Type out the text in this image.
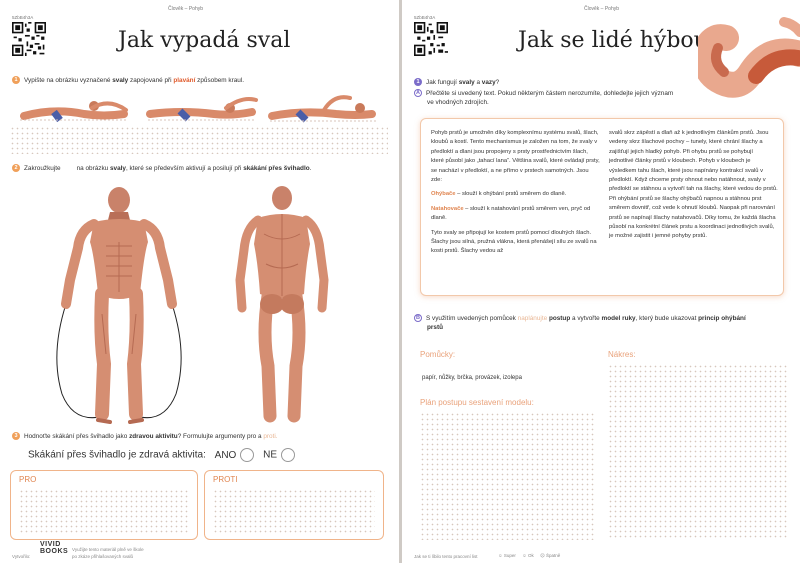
Člověk – Pohyb
5ZbB4h3A
Jak vypadá sval
1 Vypište na obrázku vyznačené svaly zapojované při plavání způsobem kraul.
2 Zakroužkujte         na obrázku svaly, které se především aktivují a posilují při skákání přes švihadlo.
3 Hodnoťte skákání přes švihadlo jako zdravou aktivitu? Formulujte argumenty pro a proti.
Skákání přes švihadlo je zdravá aktivita: ANO	NE
PRO	PROTI
Vytvořilo:
VIVID
BOOKS Využijte tento materiál plně ve škole
po zkáze přihlašovaných svalů
Člověk – Pohyb
5ZbB4h3A
Jak se lidé hýbou
1 Jak fungují svaly a vazy?
A Přečtěte si uvedený text. Pokud některým částem nerozumíte, dohledejte jejich význam
ve vhodných zdrojích.

Pohyb prstů je umožněn díky komplexnímu systému svalů, šlach, kloubů a kostí. Tento mechanismus je založen na tom, že svaly v předloktí a dlani jsou propojeny s prsty prostřednictvím šlach, které působí jako „tahací lana“. Většina svalů, které ovládají prsty, se nachází v předloktí, a ne přímo v prstech samotných. Jsou zde:

Ohýbače – slouží k ohýbání prstů směrem do dlaně.

Natahovače – slouží k natahování prstů směrem ven, pryč od dlaně.

Tyto svaly se připojují ke kostem prstů pomocí dlouhých šlach. Šlachy jsou silná, pružná vlákna, která přenášejí sílu ze svalů na kosti prstů. Šlachy vedou až

svalů skrz zápěstí a dlaň až k jednotlivým článkům prstů. Jsou vedeny skrz šlachové pochvy – tunely, které chrání šlachy a zajišťují jejich hladký pohyb. Při ohybu prstů se pohybují jednotlivé články prstů v kloubech. Pohyb v kloubech je výsledkem tahu šlach, které jsou napínány kontrakcí svalů v předloktí. Když chceme prsty ohnout nebo natáhnout, svaly v předloktí se stáhnou a vytvoří tah na šlachy, které vedou do prstů. Při ohýbání prstů se šlachy ohýbačů napnou a stáhnou prst směrem dovnitř, což vede k ohnutí kloubů. Naopak při narovnání prstů se napínají šlachy natahovačů. Díky tomu, že každá šlacha působí na konkrétní článek prstu a koordinaci jednotlivých svalů, je možné zajistit i jemné pohyby prstů.

B S využitím uvedených pomůcek naplánujte postup a vytvořte model ruky, který bude ukazovat princip ohýbání
prstů
Pomůcky:
papír, nůžky, brčka, provázek, izolepa
Nákres:
Plán postupu sestavení modelu:
Jak se ti líbilo tento pracovní list	☺ Super ☺ Ok ☹ Špatně
